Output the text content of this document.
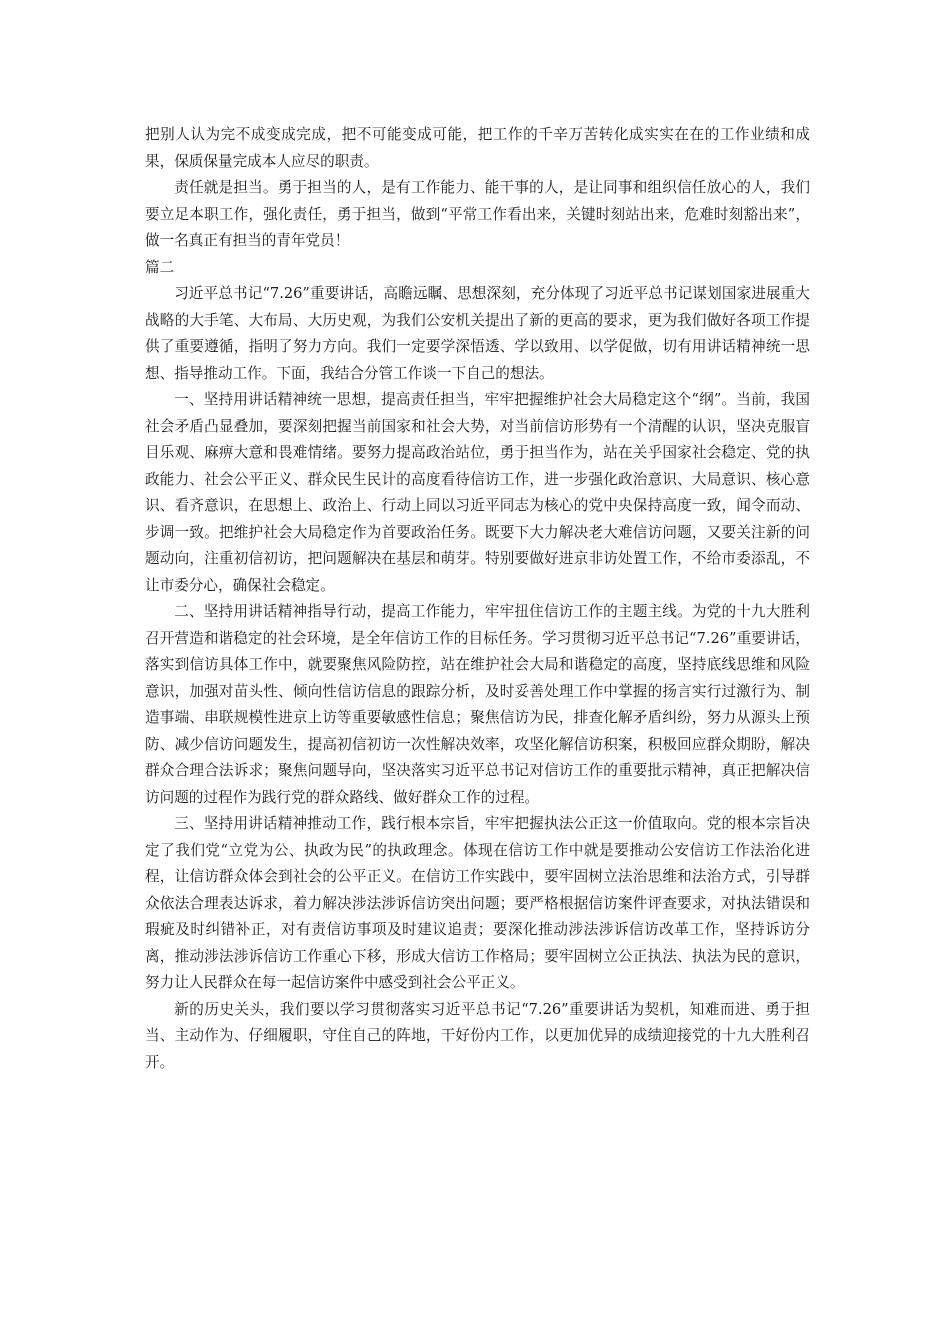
把别人认为完不成变成完成，把不可能变成可能，把工作的千辛万苦转化成实实在在的工作业绩和成果，保质保量完成本人应尽的职责。

责任就是担当。勇于担当的人，是有工作能力、能干事的人，是让同事和组织信任放心的人，我们要立足本职工作，强化责任，勇于担当，做到“平常工作看出来，关键时刻站出来，危难时刻豁出来”，做一名真正有担当的青年党员！

篇二

习近平总书记“7.26”重要讲话，高瞻远瞩、思想深刻，充分体现了习近平总书记谋划国家进展重大战略的大手笔、大布局、大历史观，为我们公安机关提出了新的更高的要求，更为我们做好各项工作提供了重要遵循，指明了努力方向。我们一定要学深悟透、学以致用、以学促做，切有用讲话精神统一思想、指导推动工作。下面，我结合分管工作谈一下自己的想法。

一、坚持用讲话精神统一思想，提高责任担当，牢牢把握维护社会大局稳定这个“纲”。当前，我国社会矛盾凸显叠加，要深刻把握当前国家和社会大势，对当前信访形势有一个清醒的认识，坚决克服盲目乐观、麻痹大意和畏难情绪。要努力提高政治站位，勇于担当作为，站在关乎国家社会稳定、党的执政能力、社会公平正义、群众民生民计的高度看待信访工作，进一步强化政治意识、大局意识、核心意识、看齐意识，在思想上、政治上、行动上同以习近平同志为核心的党中央保持高度一致，闻令而动、步调一致。把维护社会大局稳定作为首要政治任务。既要下大力解决老大难信访问题，又要关注新的问题动向，注重初信初访，把问题解决在基层和萌芽。特别要做好进京非访处置工作，不给市委添乱，不让市委分心，确保社会稳定。

二、坚持用讲话精神指导行动，提高工作能力，牢牢扭住信访工作的主题主线。为党的十九大胜利召开营造和谐稳定的社会环境，是全年信访工作的目标任务。学习贯彻习近平总书记“7.26”重要讲话，落实到信访具体工作中，就要聚焦风险防控，站在维护社会大局和谐稳定的高度，坚持底线思维和风险意识，加强对苗头性、倾向性信访信息的跟踪分析，及时妥善处理工作中掌握的扬言实行过激行为、制造事端、串联规模性进京上访等重要敏感性信息；聚焦信访为民，排查化解矛盾纠纷，努力从源头上预防、减少信访问题发生，提高初信初访一次性解决效率，攻坚化解信访积案，积极回应群众期盼，解决群众合理合法诉求；聚焦问题导向，坚决落实习近平总书记对信访工作的重要批示精神，真正把解决信访问题的过程作为践行党的群众路线、做好群众工作的过程。

三、坚持用讲话精神推动工作，践行根本宗旨，牢牢把握执法公正这一价值取向。党的根本宗旨决定了我们党“立党为公、执政为民”的执政理念。体现在信访工作中就是要推动公安信访工作法治化进程，让信访群众体会到社会的公平正义。在信访工作实践中，要牢固树立法治思维和法治方式，引导群众依法合理表达诉求，着力解决涉法涉诉信访突出问题；要严格根据信访案件评查要求，对执法错误和瑕疵及时纠错补正，对有责信访事项及时建议追责；要深化推动涉法涉诉信访改革工作，坚持诉访分离，推动涉法涉诉信访工作重心下移，形成大信访工作格局；要牢固树立公正执法、执法为民的意识，努力让人民群众在每一起信访案件中感受到社会公平正义。

新的历史关头，我们要以学习贯彻落实习近平总书记“7.26”重要讲话为契机，知难而进、勇于担当、主动作为、仔细履职，守住自己的阵地，干好份内工作，以更加优异的成绩迎接党的十九大胜利召开。
